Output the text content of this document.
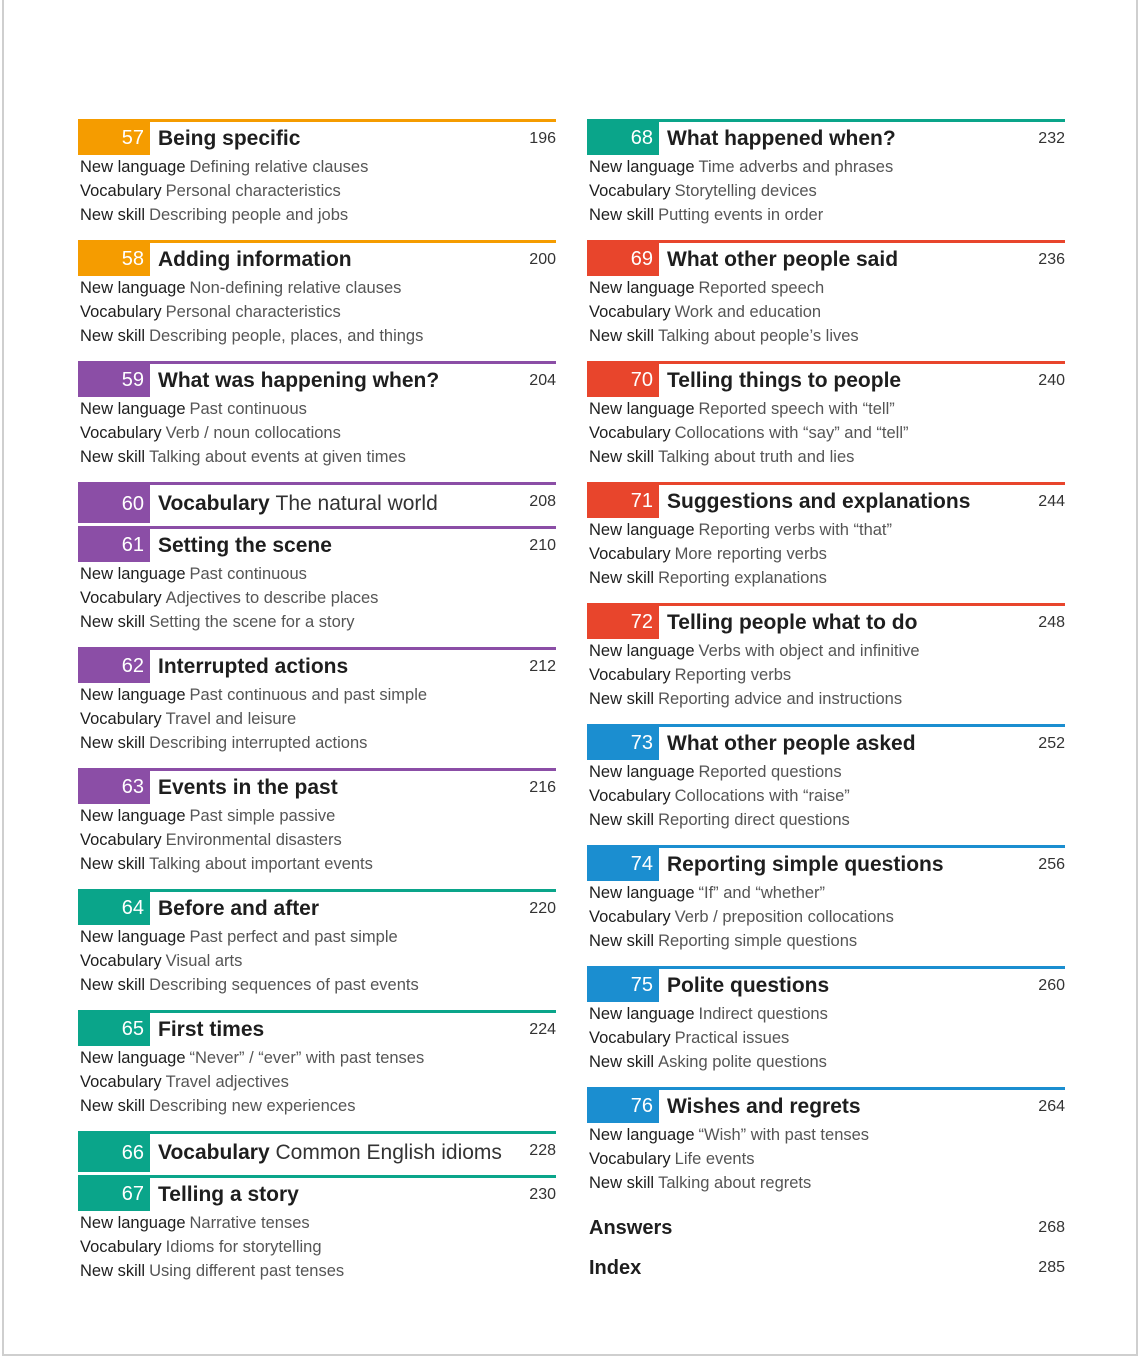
57 Being specific	196
New language Defining relative clauses
Vocabulary Personal characteristics
New skill Describing people and jobs
58 Adding information	200
New language Non-defining relative clauses
Vocabulary Personal characteristics
New skill Describing people, places, and things
59 What was happening when?	204
New language Past continuous
Vocabulary Verb / noun collocations
New skill Talking about events at given times
60 Vocabulary The natural world	208
61 Setting the scene	210
New language Past continuous
Vocabulary Adjectives to describe places
New skill Setting the scene for a story
62 Interrupted actions	212
New language Past continuous and past simple
Vocabulary Travel and leisure
New skill Describing interrupted actions
63 Events in the past	216
New language Past simple passive
Vocabulary Environmental disasters
New skill Talking about important events
64 Before and after	220
New language Past perfect and past simple
Vocabulary Visual arts
New skill Describing sequences of past events
65 First times	224
New language “Never” / “ever” with past tenses
Vocabulary Travel adjectives
New skill Describing new experiences
66 Vocabulary Common English idioms 228
67 Telling a story	230
New language Narrative tenses
Vocabulary Idioms for storytelling
New skill Using different past tenses
68 What happened when?	232
New language Time adverbs and phrases
Vocabulary Storytelling devices
New skill Putting events in order
69 What other people said	236
New language Reported speech
Vocabulary Work and education
New skill Talking about people’s lives
70 Telling things to people	240
New language Reported speech with “tell”
Vocabulary Collocations with “say” and “tell”
New skill Talking about truth and lies
71 Suggestions and explanations	244
New language Reporting verbs with “that”
Vocabulary More reporting verbs
New skill Reporting explanations
72 Telling people what to do	248
New language Verbs with object and infinitive
Vocabulary Reporting verbs
New skill Reporting advice and instructions
73 What other people asked	252
New language Reported questions
Vocabulary Collocations with “raise”
New skill Reporting direct questions
74 Reporting simple questions	256
New language “If” and “whether”
Vocabulary Verb / preposition collocations
New skill Reporting simple questions
75 Polite questions	260
New language Indirect questions
Vocabulary Practical issues
New skill Asking polite questions
76 Wishes and regrets	264
New language “Wish” with past tenses
Vocabulary Life events
New skill Talking about regrets
Answers	268
Index	285
